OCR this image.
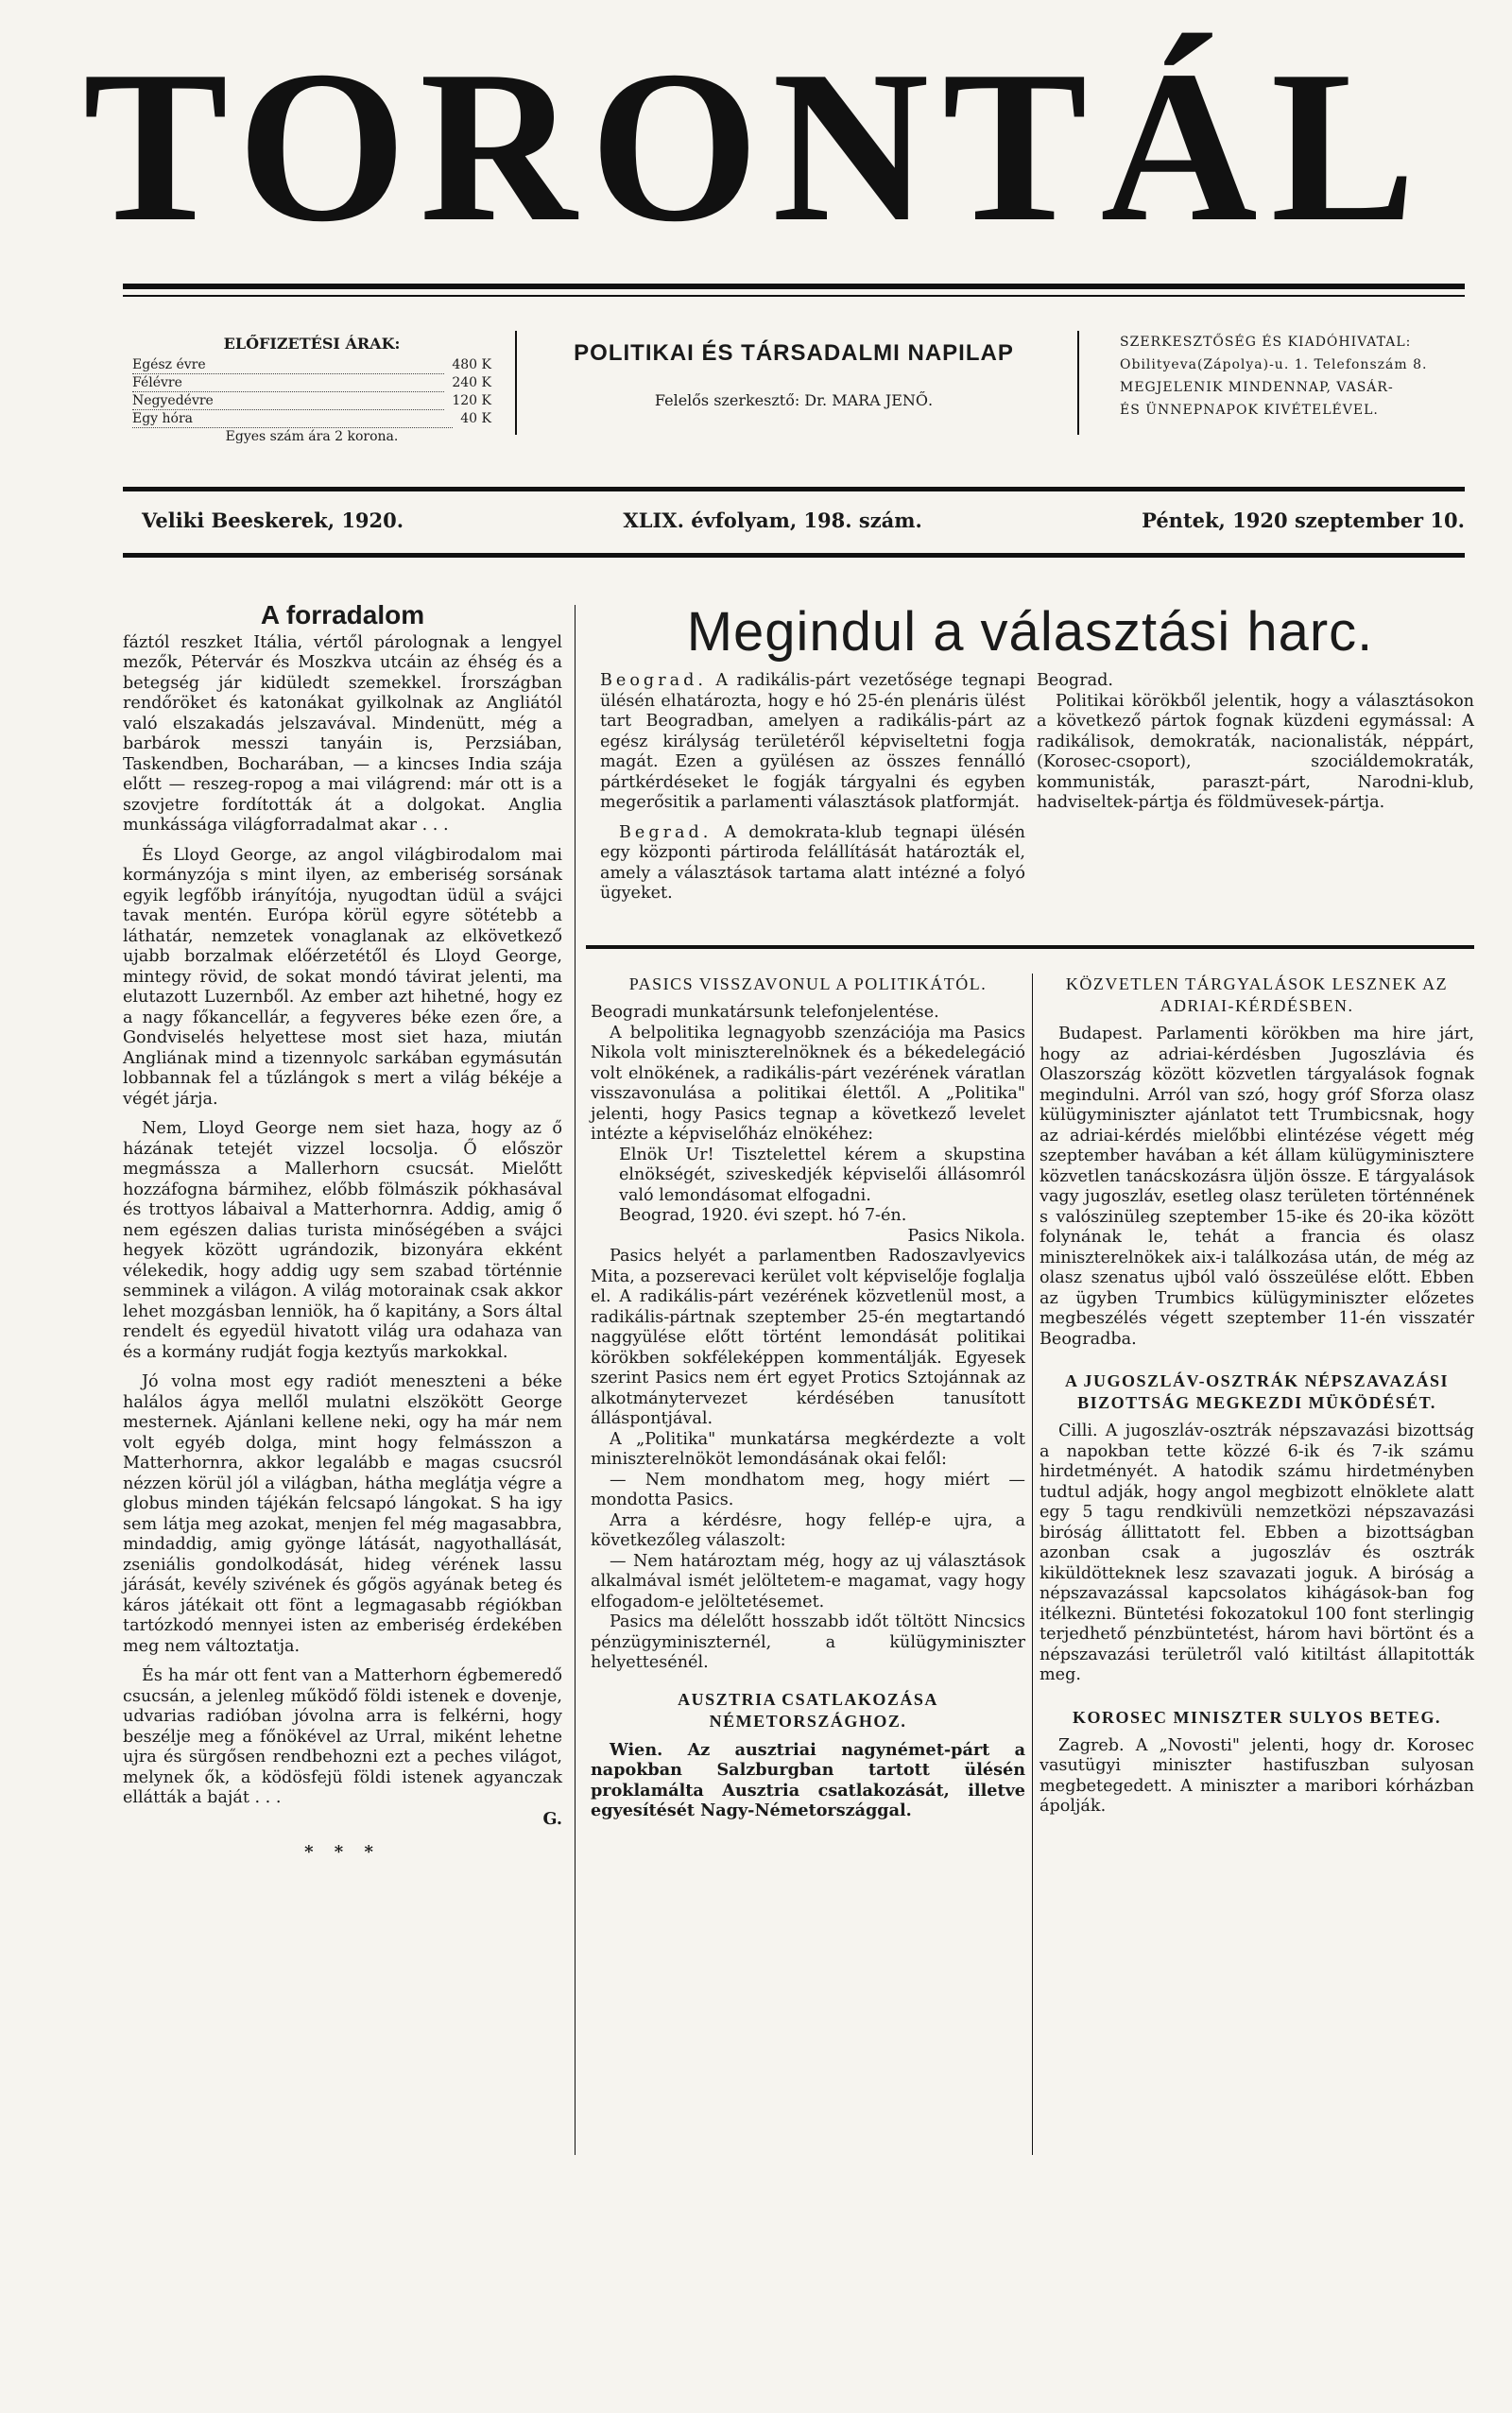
TORONTÁL
ELŐFIZETÉSI ÁRAK:
Egész évre	480 K
Félévre	240 K
Negyedévre	120 K
Egy hóra	40 K
Egyes szám ára 2 korona.
POLITIKAI ÉS TÁRSADALMI NAPILAP
Felelős szerkesztő: Dr. MARA JENŐ.
SZERKESZTŐSÉG ÉS KIADÓHIVATAL:
Obilityeva(Zápolya)-u. 1. Telefonszám 8.
MEGJELENIK MINDENNAP, VASÁR-
ÉS ÜNNEPNAPOK KIVÉTELÉVEL.
Veliki Beeskerek, 1920.	XLIX. évfolyam, 198. szám.	Péntek, 1920 szeptember 10.
A forradalom

fáztól reszket Itália, vértől párolognak a lengyel mezők, Pétervár és Moszkva utcáin az éhség és a betegség jár kidüledt szemekkel. Írországban rendőröket és katonákat gyilkolnak az Angliától való elszakadás jelszavával. Mindenütt, még a barbárok messzi tanyáin is, Perzsiában, Taskendben, Bocharában, — a kincses India szája előtt — reszeg-ropog a mai világrend: már ott is a szovjetre fordították át a dolgokat. Anglia munkássága világforradalmat akar . . .

És Lloyd George, az angol világbirodalom mai kormányzója s mint ilyen, az emberiség sorsának egyik legfőbb irányítója, nyugodtan üdül a svájci tavak mentén. Európa körül egyre sötétebb a láthatár, nemzetek vonaglanak az elkövetkező ujabb borzalmak előérzetétől és Lloyd George, mintegy rövid, de sokat mondó távirat jelenti, ma elutazott Luzernből. Az ember azt hihetné, hogy ez a nagy főkancellár, a fegyveres béke ezen őre, a Gondviselés helyettese most siet haza, miután Angliának mind a tizennyolc sarkában egymásután lobbannak fel a tűzlángok s mert a világ békéje a végét járja.

Nem, Lloyd George nem siet haza, hogy az ő házának tetejét vizzel locsolja. Ő először megmássza a Mallerhorn csucsát. Mielőtt hozzáfogna bármihez, előbb fölmászik pókhasával és trottyos lábaival a Matterhornra. Addig, amig ő nem egészen dalias turista minőségében a svájci hegyek között ugrándozik, bizonyára ekként vélekedik, hogy addig ugy sem szabad történnie semminek a világon. A világ motorainak csak akkor lehet mozgásban lenniök, ha ő kapitány, a Sors által rendelt és egyedül hivatott világ ura odahaza van és a kormány rudját fogja keztyűs markokkal.

Jó volna most egy radiót meneszteni a béke halálos ágya mellől mulatni elszökött George mesternek. Ajánlani kellene neki, ogy ha már nem volt egyéb dolga, mint hogy felmásszon a Matterhornra, akkor legalább e magas csucsról nézzen körül jól a világban, hátha meglátja végre a globus minden tájékán felcsapó lángokat. S ha igy sem látja meg azokat, menjen fel még magasabbra, mindaddig, amig gyönge látását, nagyothallását, zseniális gondolkodását, hideg vérének lassu járását, kevély szivének és gőgös agyának beteg és káros játékait ott fönt a legmagasabb régiókban tartózkodó mennyei isten az emberiség érdekében meg nem változtatja.

És ha már ott fent van a Matterhorn égbemeredő csucsán, a jelenleg működő földi istenek e dovenje, udvarias radióban jóvolna arra is felkérni, hogy beszélje meg a főnökével az Urral, miként lehetne ujra és sürgősen rendbehozni ezt a peches világot, melynek ők, a ködösfejü földi istenek agyanczak ellátták a baját . . .

G.
* * *
Megindul a választási harc.

Beograd. A radikális-párt vezetősége tegnapi ülésén elhatározta, hogy e hó 25-én plenáris ülést tart Beogradban, amelyen a radikális-párt az egész királyság területéről képviseltetni fogja magát. Ezen a gyülésen az összes fennálló pártkérdéseket le fogják tárgyalni és egyben megerősitik a parlamenti választások platformját.

Begrad. A demokrata-klub tegnapi ülésén egy központi pártiroda felállítását határozták el, amely a választások tartama alatt intézné a folyó ügyeket.

Beograd.

Politikai körökből jelentik, hogy a választásokon a következő pártok fognak küzdeni egymással: A radikálisok, demokraták, nacionalisták, néppárt, (Korosec-csoport), szociáldemokraták, kommunisták, paraszt-párt, Narodni-klub, hadviseltek-pártja és földmüvesek-pártja.

PASICS VISSZAVONUL A POLITIKÁTÓL.

Beogradi munkatársunk telefonjelentése.

A belpolitika legnagyobb szenzációja ma Pasics Nikola volt miniszterelnöknek és a békedelegáció volt elnökének, a radikális-párt vezérének váratlan visszavonulása a politikai élettől. A „Politika" jelenti, hogy Pasics tegnap a következő levelet intézte a képviselőház elnökéhez:

Elnök Ur! Tisztelettel kérem a skupstina elnökségét, sziveskedjék képviselői állásomról való lemondásomat elfogadni.

Beograd, 1920. évi szept. hó 7-én.

Pasics Nikola.

Pasics helyét a parlamentben Radoszavlyevics Mita, a pozserevaci kerület volt képviselője foglalja el. A radikális-párt vezérének közvetlenül most, a radikális-pártnak szeptember 25-én megtartandó naggyülése előtt történt lemondását politikai körökben sokféleképpen kommentálják. Egyesek szerint Pasics nem ért egyet Protics Sztojánnak az alkotmánytervezet kérdésében tanusított álláspontjával.

A „Politika" munkatársa megkérdezte a volt miniszterelnököt lemondásának okai felől:

— Nem mondhatom meg, hogy miért — mondotta Pasics.

Arra a kérdésre, hogy fellép-e ujra, a következőleg válaszolt:

— Nem határoztam még, hogy az uj választások alkalmával ismét jelöltetem-e magamat, vagy hogy elfogadom-e jelöltetésemet.

Pasics ma délelőtt hosszabb időt töltött Nincsics pénzügyminiszternél, a külügyminiszter helyettesénél.

AUSZTRIA CSATLAKOZÁSA NÉMETORSZÁGHOZ.

Wien. Az ausztriai nagynémet-párt a napokban Salzburgban tartott ülésén proklamálta Ausztria csatlakozását, illetve egyesítését Nagy-Németországgal.

KÖZVETLEN TÁRGYALÁSOK LESZNEK AZ ADRIAI-KÉRDÉSBEN.

Budapest. Parlamenti körökben ma hire járt, hogy az adriai-kérdésben Jugoszlávia és Olaszország között közvetlen tárgyalások fognak megindulni. Arról van szó, hogy gróf Sforza olasz külügyminiszter ajánlatot tett Trumbicsnak, hogy az adriai-kérdés mielőbbi elintézése végett még szeptember havában a két állam külügyminisztere közvetlen tanácskozásra üljön össze. E tárgyalások vagy jugoszláv, esetleg olasz területen történnének s valószinüleg szeptember 15-ike és 20-ika között folynának le, tehát a francia és olasz miniszterelnökek aix-i találkozása után, de még az olasz szenatus ujból való összeülése előtt. Ebben az ügyben Trumbics külügyminiszter előzetes megbeszélés végett szeptember 11-én visszatér Beogradba.

A JUGOSZLÁV-OSZTRÁK NÉPSZAVAZÁSI BIZOTTSÁG MEGKEZDI MÜKÖDÉSÉT.

Cilli. A jugoszláv-osztrák népszavazási bizottság a napokban tette közzé 6-ik és 7-ik számu hirdetményét. A hatodik számu hirdetményben tudtul adják, hogy angol megbizott elnöklete alatt egy 5 tagu rendkivüli nemzetközi népszavazási biróság állittatott fel. Ebben a bizottságban azonban csak a jugoszláv és osztrák kiküldötteknek lesz szavazati joguk. A biróság a népszavazással kapcsolatos kihágások-ban fog itélkezni. Büntetési fokozatokul 100 font sterlingig terjedhető pénzbüntetést, három havi börtönt és a népszavazási területről való kitiltást állapitották meg.

KOROSEC MINISZTER SULYOS BETEG.

Zagreb. A „Novosti" jelenti, hogy dr. Korosec vasutügyi miniszter hastifuszban sulyosan megbetegedett. A miniszter a maribori kórházban ápolják.
